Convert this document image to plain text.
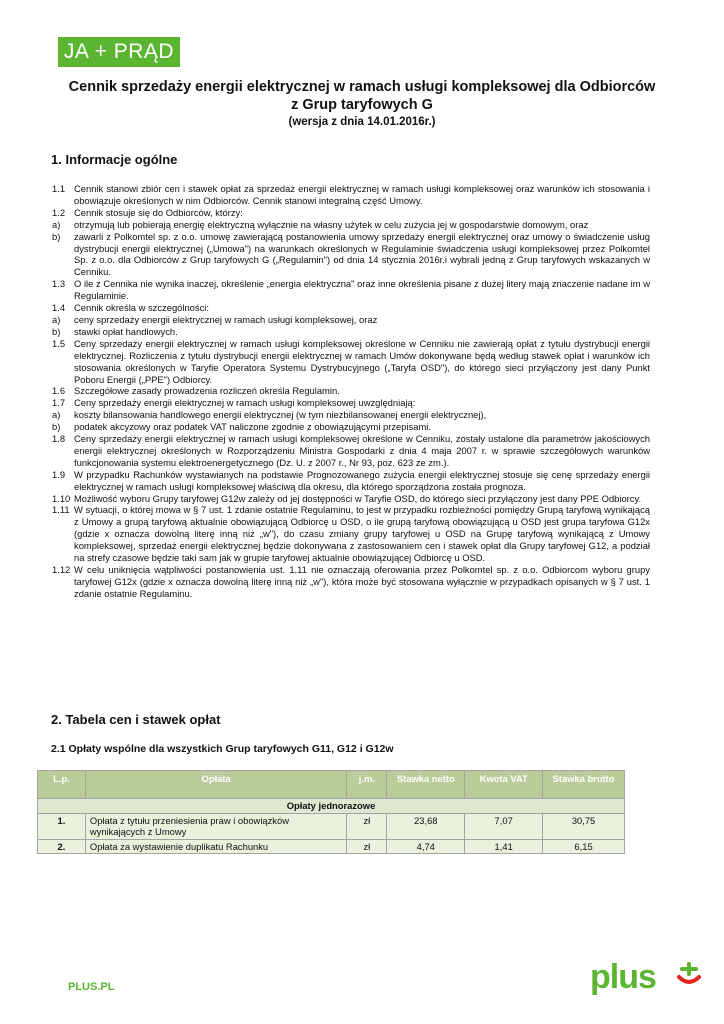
JA + PRĄD
Cennik sprzedaży energii elektrycznej w ramach usługi kompleksowej dla Odbiorców
z Grup taryfowych G
(wersja z dnia 14.01.2016r.)
1. Informacje ogólne
1.1 Cennik stanowi zbiór cen i stawek opłat za sprzedaż energii elektrycznej w ramach usługi kompleksowej oraz warunków ich stosowania i obowiązuje określonych w nim Odbiorców. Cennik stanowi integralną część Umowy.
1.2 Cennik stosuje się do Odbiorców, którzy:
a)	otrzymują lub pobierają energię elektryczną wyłącznie na własny użytek w celu zużycia jej w gospodarstwie domowym, oraz
b)	zawarli z Polkomtel sp. z o.o. umowę zawierającą postanowienia umowy sprzedaży energii elektrycznej oraz umowy o świadczenie usług dystrybucji energii elektrycznej („Umowa") na warunkach określonych w Regulaminie świadczenia usługi kompleksowej przez Polkomtel Sp. z o.o. dla Odbiorców z Grup taryfowych G („Regulamin") od dnia 14 stycznia 2016r.i wybrali jedną z Grup taryfowych wskazanych w Cenniku.
1.3 O ile z Cennika nie wynika inaczej, określenie „energia elektryczna" oraz inne określenia pisane z dużej litery mają znaczenie nadane im w Regulaminie.
1.4 Cennik określa w szczególności:
a)	ceny sprzedaży energii elektrycznej w ramach usługi kompleksowej, oraz
b)	stawki opłat handlowych.
1.5 Ceny sprzedaży energii elektrycznej w ramach usługi kompleksowej określone w Cenniku nie zawierają opłat z tytułu dystrybucji energii elektrycznej. Rozliczenia z tytułu dystrybucji energii elektrycznej w ramach Umów dokonywane będą według stawek opłat i warunków ich stosowania określonych w Taryfie Operatora Systemu Dystrybucyjnego („Taryfa OSD"), do którego sieci przyłączony jest dany Punkt Poboru Energii („PPE") Odbiorcy.
1.6 Szczegółowe zasady prowadzenia rozliczeń określa Regulamin.
1.7 Ceny sprzedaży energii elektrycznej w ramach usługi kompleksowej uwzględniają:
a)	koszty bilansowania handlowego energii elektrycznej (w tym niezbilansowanej energii elektrycznej),
b)	podatek akcyzowy oraz podatek VAT naliczone zgodnie z obowiązującymi przepisami.
1.8 Ceny sprzedaży energii elektrycznej w ramach usługi kompleksowej określone w Cenniku, zostały ustalone dla parametrów jakościowych energii elektrycznej określonych w Rozporządzeniu Ministra Gospodarki z dnia 4 maja 2007 r. w sprawie szczegółowych warunków funkcjonowania systemu elektroenergetycznego (Dz. U. z 2007 r., Nr 93, poz. 623 ze zm.).
1.9 W przypadku Rachunków wystawianych na podstawie Prognozowanego zużycia energii elektrycznej stosuje się cenę sprzedaży energii elektrycznej w ramach usługi kompleksowej właściwą dla okresu, dla którego sporządzona została prognoza.
1.10 Możliwość wyboru Grupy taryfowej G12w zależy od jej dostępności w Taryfie OSD, do którego sieci przyłączony jest dany PPE Odbiorcy.
1.11 W sytuacji, o której mowa w § 7 ust. 1 zdanie ostatnie Regulaminu, to jest w przypadku rozbieżności pomiędzy Grupą taryfową wynikającą z Umowy a grupą taryfową aktualnie obowiązującą Odbiorcę u OSD, o ile grupą taryfową obowiązującą u OSD jest grupa taryfowa G12x (gdzie x oznacza dowolną literę inną niż „w"), do czasu zmiany grupy taryfowej u OSD na Grupę taryfową wynikającą z Umowy kompleksowej, sprzedaż energii elektrycznej będzie dokonywana z zastosowaniem cen i stawek opłat dla Grupy taryfowej G12, a podział na strefy czasowe będzie taki sam jak w grupie taryfowej aktualnie obowiązującej Odbiorcę u OSD.
1.12 W celu uniknięcia wątpliwości postanowienia ust. 1.11 nie oznaczają oferowania przez Polkomtel sp. z o.o. Odbiorcom wyboru grupy taryfowej G12x (gdzie x oznacza dowolną literę inną niż „w"), która może być stosowana wyłącznie w przypadkach opisanych w § 7 ust. 1 zdanie ostatnie Regulaminu.
2. Tabela cen i stawek opłat
2.1 Opłaty wspólne dla wszystkich Grup taryfowych G11, G12 i G12w
L.p.	Opłata	j.m.	Stawka netto	Kwota VAT	Stawka brutto
Opłaty jednorazowe					
1.	Opłata z tytułu przeniesienia praw i obowiązków wynikających z Umowy	zł	23,68	7,07	30,75
2.	Opłata za wystawienie duplikatu Rachunku	zł	4,74	1,41	6,15
PLUS.PL	plus
